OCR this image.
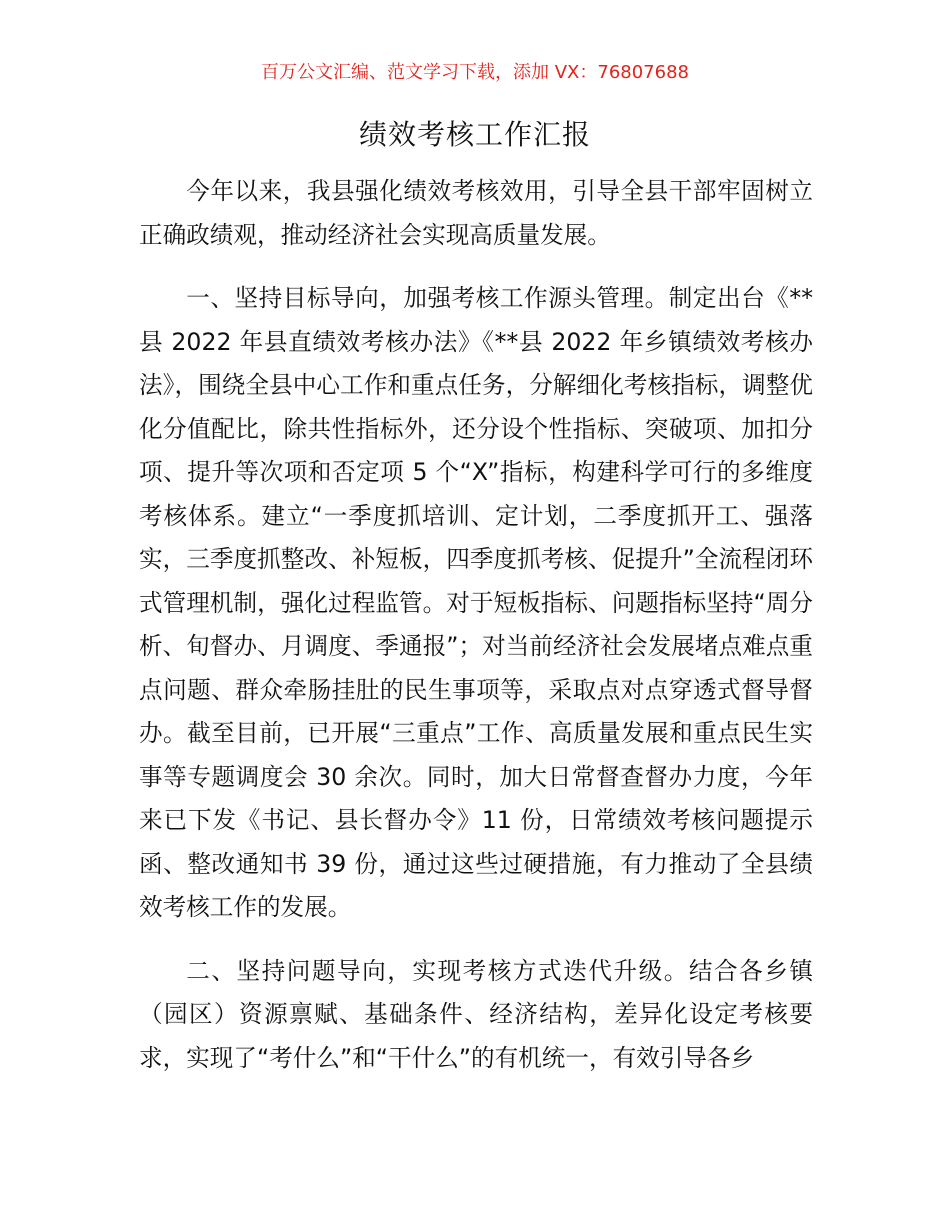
百万公文汇编、范文学习下载，添加 VX：76807688
绩效考核工作汇报

今年以来，我县强化绩效考核效用，引导全县干部牢固树立正确政绩观，推动经济社会实现高质量发展。

一、坚持目标导向，加强考核工作源头管理。制定出台《**县 2022 年县直绩效考核办法》《**县 2022 年乡镇绩效考核办法》，围绕全县中心工作和重点任务，分解细化考核指标，调整优化分值配比，除共性指标外，还分设个性指标、突破项、加扣分项、提升等次项和否定项 5 个“X”指标，构建科学可行的多维度考核体系。建立“一季度抓培训、定计划，二季度抓开工、强落实，三季度抓整改、补短板，四季度抓考核、促提升”全流程闭环式管理机制，强化过程监管。对于短板指标、问题指标坚持“周分析、旬督办、月调度、季通报”；对当前经济社会发展堵点难点重点问题、群众牵肠挂肚的民生事项等，采取点对点穿透式督导督办。截至目前，已开展“三重点”工作、高质量发展和重点民生实事等专题调度会 30 余次。同时，加大日常督查督办力度，今年来已下发《书记、县长督办令》11 份，日常绩效考核问题提示函、整改通知书 39 份，通过这些过硬措施，有力推动了全县绩效考核工作的发展。

二、坚持问题导向，实现考核方式迭代升级。结合各乡镇（园区）资源禀赋、基础条件、经济结构，差异化设定考核要求，实现了“考什么”和“干什么”的有机统一，有效引导各乡
